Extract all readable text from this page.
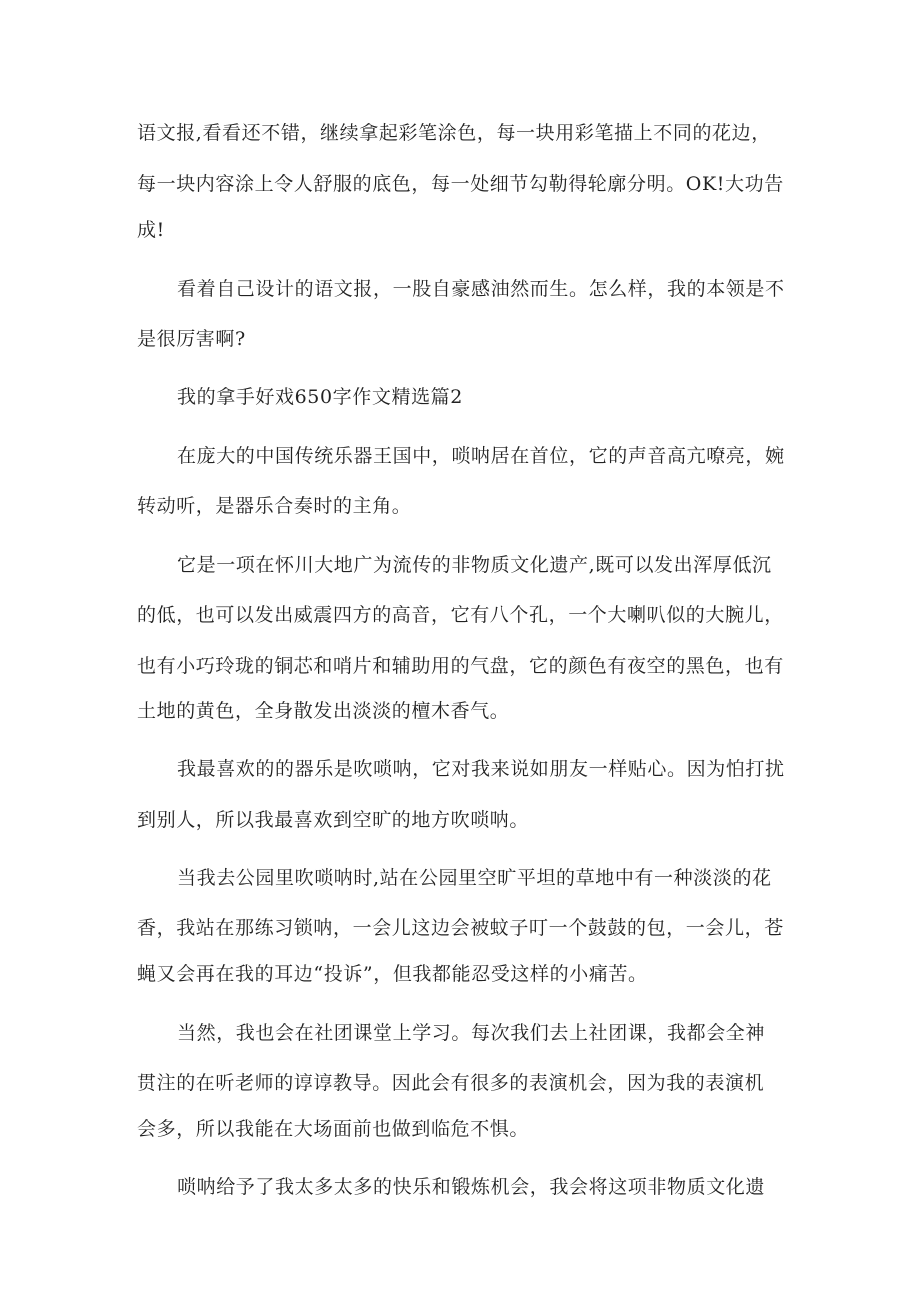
语文报,看看还不错，继续拿起彩笔涂色，每一块用彩笔描上不同的花边，
每一块内容涂上令人舒服的底色，每一处细节勾勒得轮廓分明。OK!大功告
成!
看着自己设计的语文报，一股自豪感油然而生。怎么样，我的本领是不
是很厉害啊?
我的拿手好戏650字作文精选篇2
在庞大的中国传统乐器王国中，唢呐居在首位，它的声音高亢嘹亮，婉
转动听，是器乐合奏时的主角。
它是一项在怀川大地广为流传的非物质文化遗产,既可以发出浑厚低沉
的低，也可以发出威震四方的高音，它有八个孔，一个大喇叭似的大腕儿，
也有小巧玲珑的铜芯和哨片和辅助用的气盘，它的颜色有夜空的黑色，也有
土地的黄色，全身散发出淡淡的檀木香气。
我最喜欢的的器乐是吹唢呐，它对我来说如朋友一样贴心。因为怕打扰
到别人，所以我最喜欢到空旷的地方吹唢呐。
当我去公园里吹唢呐时,站在公园里空旷平坦的草地中有一种淡淡的花
香，我站在那练习锁呐，一会儿这边会被蚊子叮一个鼓鼓的包，一会儿，苍
蝇又会再在我的耳边“投诉”，但我都能忍受这样的小痛苦。
当然，我也会在社团课堂上学习。每次我们去上社团课，我都会全神
贯注的在听老师的谆谆教导。因此会有很多的表演机会，因为我的表演机
会多，所以我能在大场面前也做到临危不惧。
唢呐给予了我太多太多的快乐和锻炼机会，我会将这项非物质文化遗
